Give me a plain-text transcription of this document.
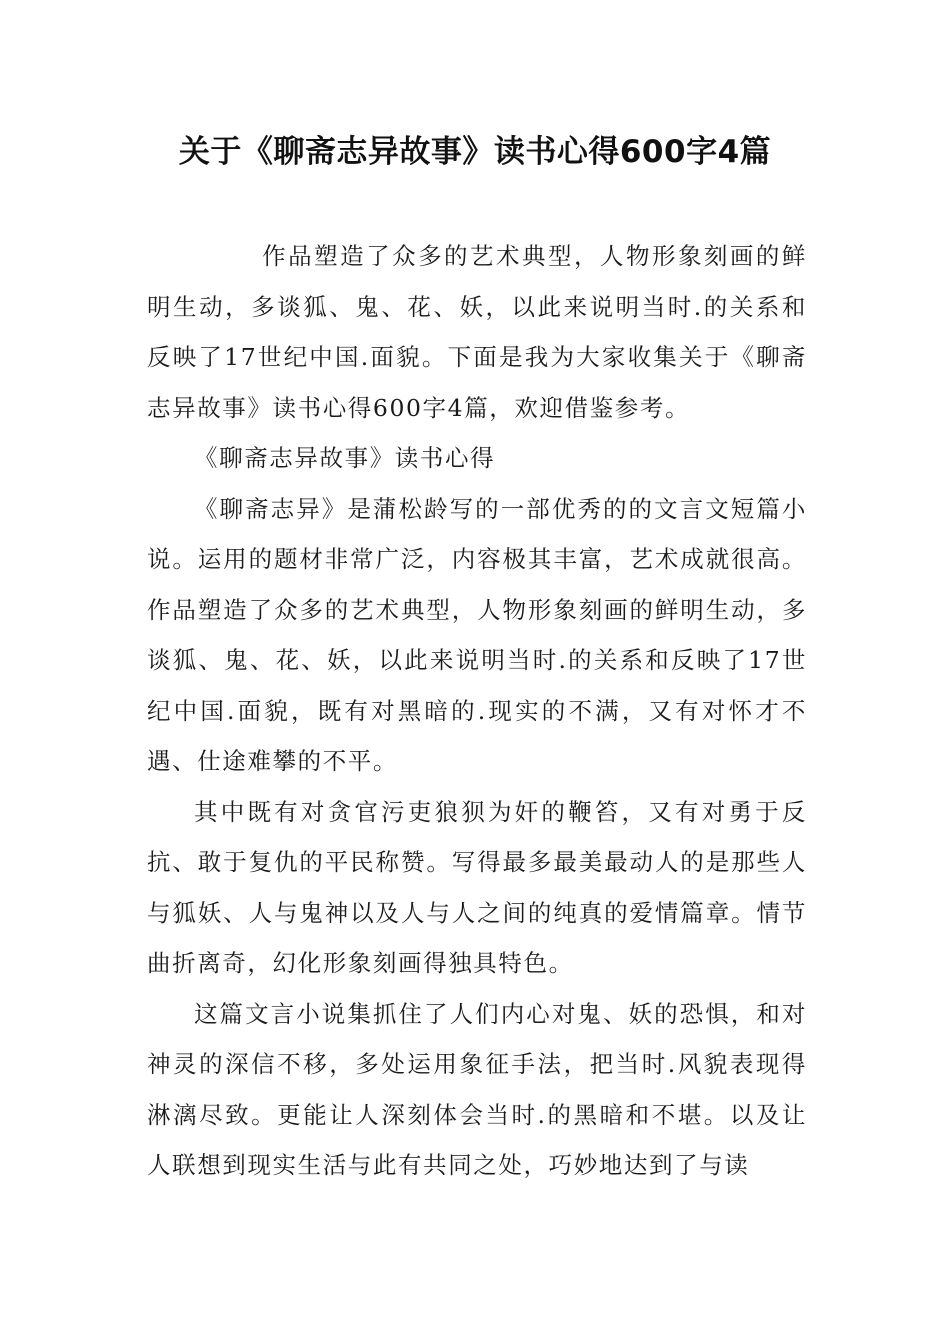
关于《聊斋志异故事》读书心得600字4篇

作品塑造了众多的艺术典型，人物形象刻画的鲜明生动，多谈狐、鬼、花、妖，以此来说明当时.的关系和反映了17世纪中国.面貌。下面是我为大家收集关于《聊斋志异故事》读书心得600字4篇，欢迎借鉴参考。

《聊斋志异故事》读书心得

《聊斋志异》是蒲松龄写的一部优秀的的文言文短篇小说。运用的题材非常广泛，内容极其丰富，艺术成就很高。作品塑造了众多的艺术典型，人物形象刻画的鲜明生动，多谈狐、鬼、花、妖，以此来说明当时.的关系和反映了17世纪中国.面貌，既有对黑暗的.现实的不满，又有对怀才不遇、仕途难攀的不平。

其中既有对贪官污吏狼狈为奸的鞭笞，又有对勇于反抗、敢于复仇的平民称赞。写得最多最美最动人的是那些人与狐妖、人与鬼神以及人与人之间的纯真的爱情篇章。情节曲折离奇，幻化形象刻画得独具特色。

这篇文言小说集抓住了人们内心对鬼、妖的恐惧，和对神灵的深信不移，多处运用象征手法，把当时.风貌表现得淋漓尽致。更能让人深刻体会当时.的黑暗和不堪。以及让人联想到现实生活与此有共同之处，巧妙地达到了与读
